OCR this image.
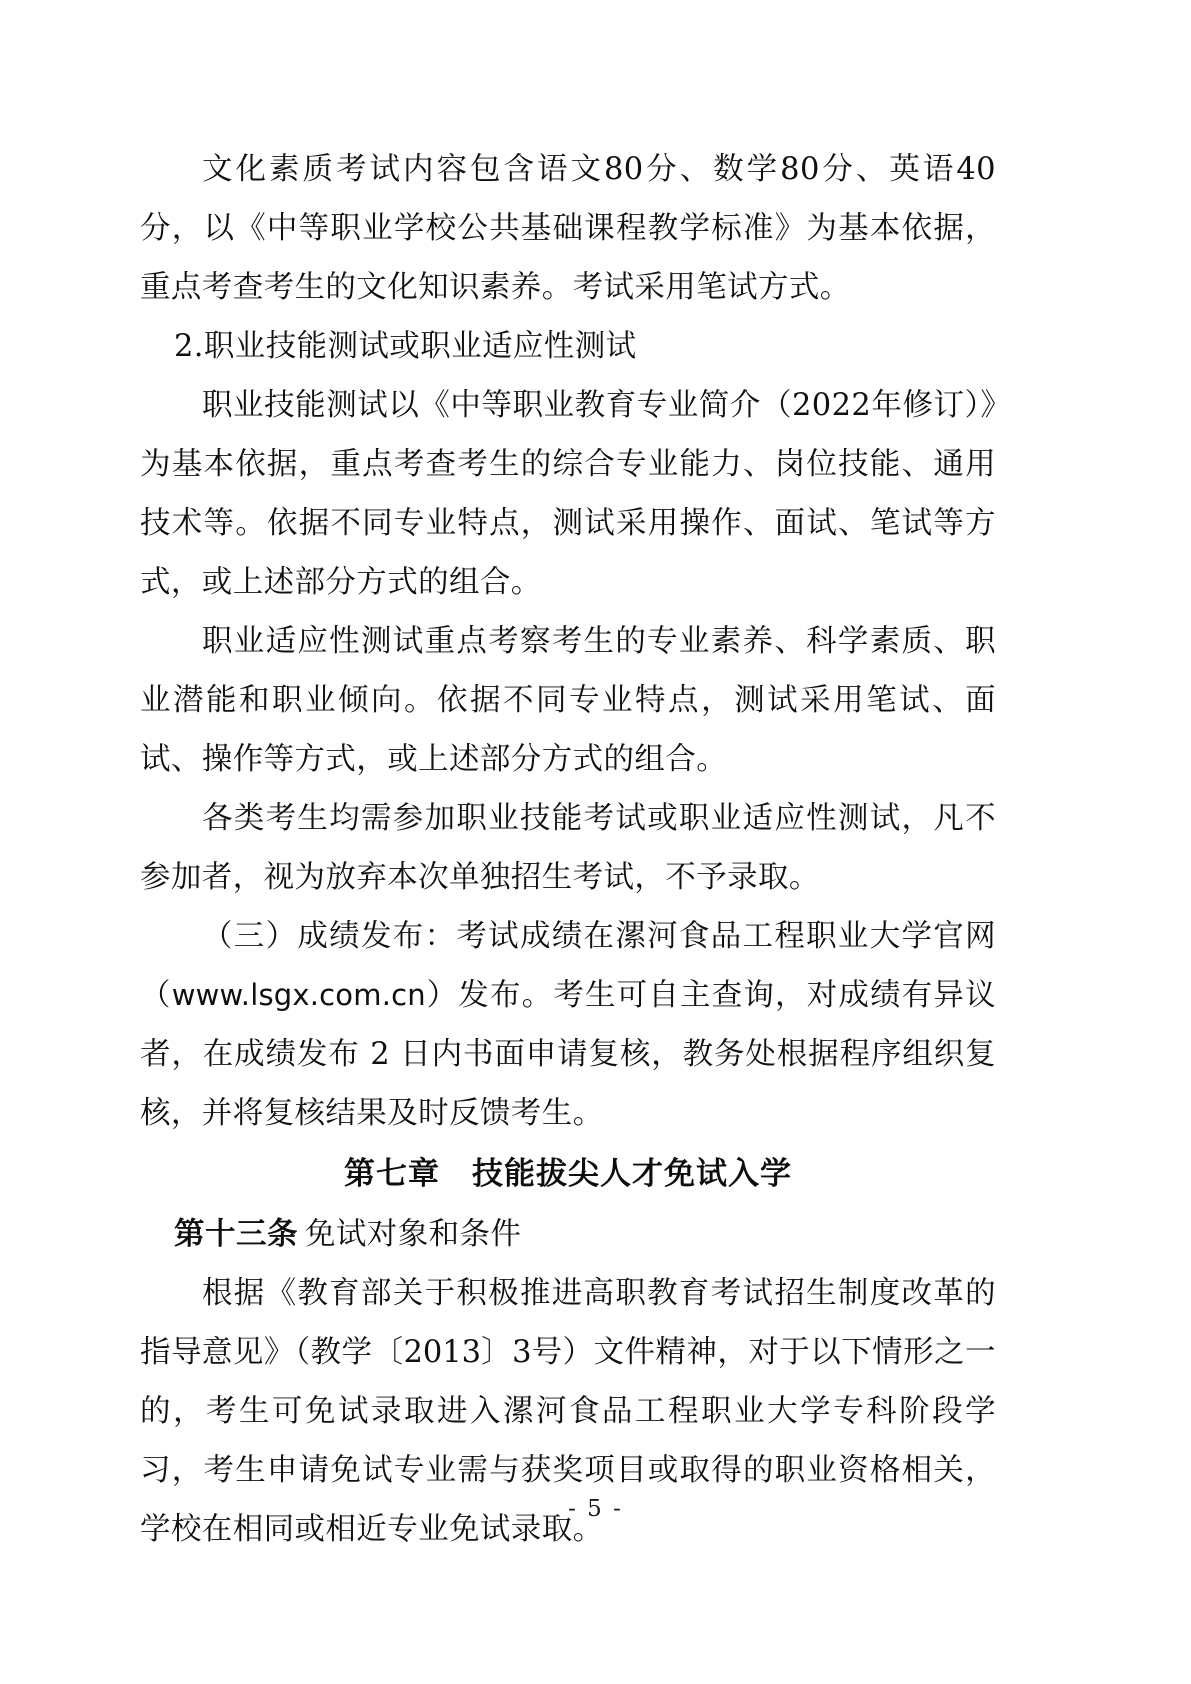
文化素质考试内容包含语文80分、数学80分、英语40分，以《中等职业学校公共基础课程教学标准》为基本依据，重点考查考生的文化知识素养。考试采用笔试方式。

2.职业技能测试或职业适应性测试

职业技能测试以《中等职业教育专业简介（2022年修订）》为基本依据，重点考查考生的综合专业能力、岗位技能、通用技术等。依据不同专业特点，测试采用操作、面试、笔试等方式，或上述部分方式的组合。

职业适应性测试重点考察考生的专业素养、科学素质、职业潜能和职业倾向。依据不同专业特点，测试采用笔试、面试、操作等方式，或上述部分方式的组合。

各类考生均需参加职业技能考试或职业适应性测试，凡不参加者，视为放弃本次单独招生考试，不予录取。

（三）成绩发布：考试成绩在漯河食品工程职业大学官网（www.lsgx.com.cn）发布。考生可自主查询，对成绩有异议者，在成绩发布 2 日内书面申请复核，教务处根据程序组织复核，并将复核结果及时反馈考生。

第七章　技能拔尖人才免试入学
第十三条 免试对象和条件

根据《教育部关于积极推进高职教育考试招生制度改革的指导意见》（教学〔2013〕3号）文件精神，对于以下情形之一的，考生可免试录取进入漯河食品工程职业大学专科阶段学习，考生申请免试专业需与获奖项目或取得的职业资格相关，学校在相同或相近专业免试录取。

- 5 -
